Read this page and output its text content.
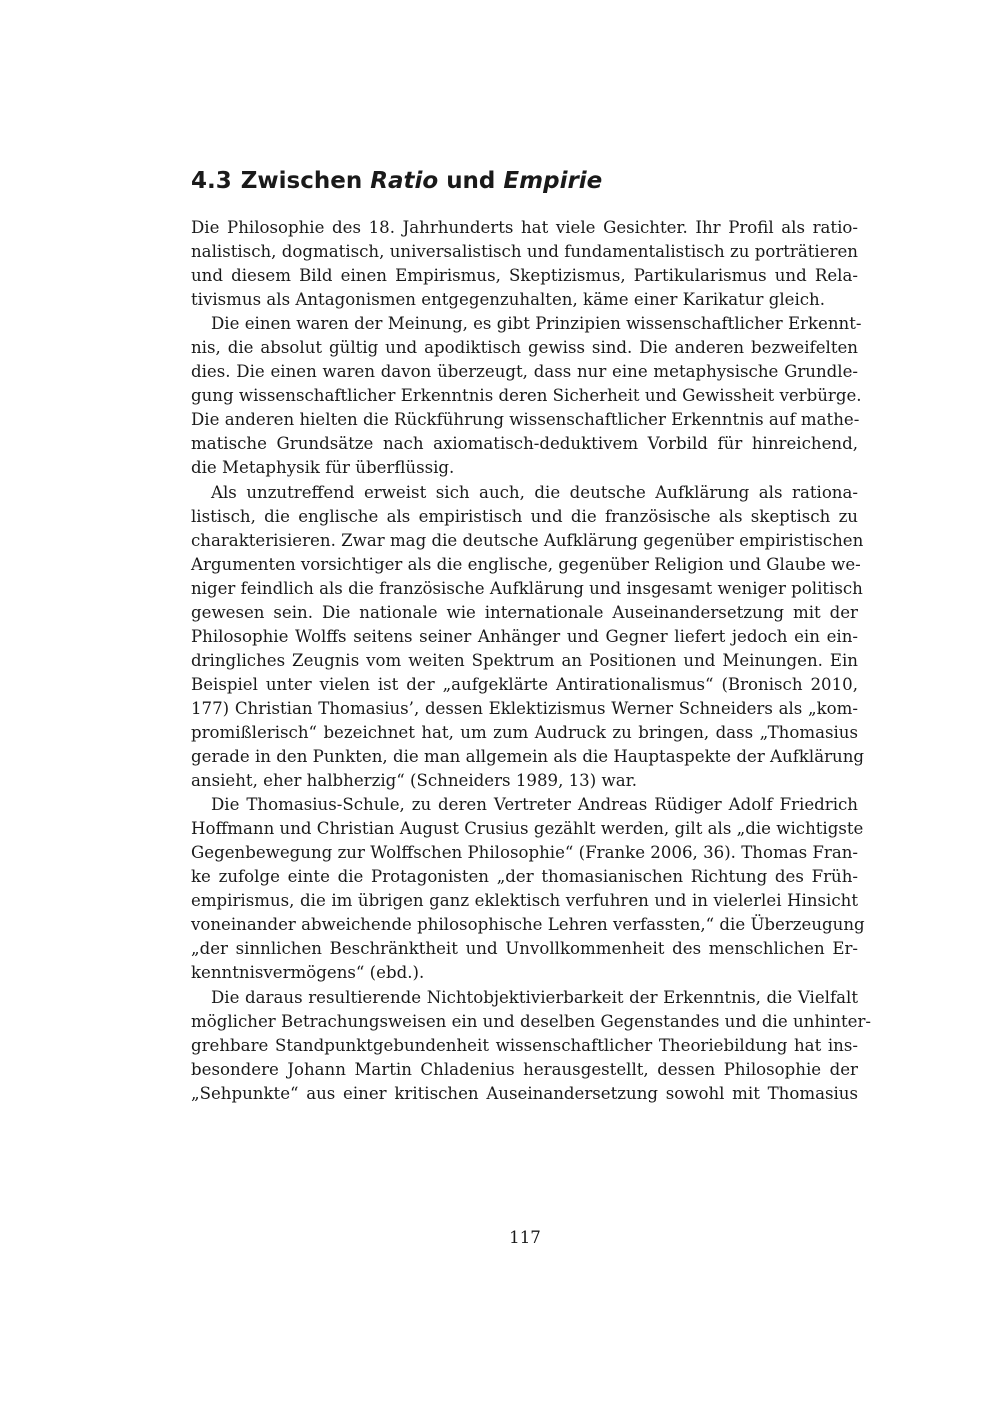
4.3 Zwischen Ratio und Empirie
Die Philosophie des 18. Jahrhunderts hat viele Gesichter. Ihr Profil als ratio-
nalistisch, dogmatisch, universalistisch und fundamentalistisch zu porträtieren
und diesem Bild einen Empirismus, Skeptizismus, Partikularismus und Rela-
tivismus als Antagonismen entgegenzuhalten, käme einer Karikatur gleich.
Die einen waren der Meinung, es gibt Prinzipien wissenschaftlicher Erkennt-
nis, die absolut gültig und apodiktisch gewiss sind. Die anderen bezweifelten
dies. Die einen waren davon überzeugt, dass nur eine metaphysische Grundle-
gung wissenschaftlicher Erkenntnis deren Sicherheit und Gewissheit verbürge.
Die anderen hielten die Rückführung wissenschaftlicher Erkenntnis auf mathe-
matische Grundsätze nach axiomatisch-deduktivem Vorbild für hinreichend,
die Metaphysik für überflüssig.
Als unzutreffend erweist sich auch, die deutsche Aufklärung als rationa-
listisch, die englische als empiristisch und die französische als skeptisch zu
charakterisieren. Zwar mag die deutsche Aufklärung gegenüber empiristischen
Argumenten vorsichtiger als die englische, gegenüber Religion und Glaube we-
niger feindlich als die französische Aufklärung und insgesamt weniger politisch
gewesen sein. Die nationale wie internationale Auseinandersetzung mit der
Philosophie Wolffs seitens seiner Anhänger und Gegner liefert jedoch ein ein-
dringliches Zeugnis vom weiten Spektrum an Positionen und Meinungen. Ein
Beispiel unter vielen ist der „aufgeklärte Antirationalismus“ (Bronisch 2010,
177) Christian Thomasius’, dessen Eklektizismus Werner Schneiders als „kom-
promißlerisch“ bezeichnet hat, um zum Audruck zu bringen, dass „Thomasius
gerade in den Punkten, die man allgemein als die Hauptaspekte der Aufklärung
ansieht, eher halbherzig“ (Schneiders 1989, 13) war.
Die Thomasius-Schule, zu deren Vertreter Andreas Rüdiger Adolf Friedrich
Hoffmann und Christian August Crusius gezählt werden, gilt als „die wichtigste
Gegenbewegung zur Wolffschen Philosophie“ (Franke 2006, 36). Thomas Fran-
ke zufolge einte die Protagonisten „der thomasianischen Richtung des Früh-
empirismus, die im übrigen ganz eklektisch verfuhren und in vielerlei Hinsicht
voneinander abweichende philosophische Lehren verfassten,“ die Überzeugung
„der sinnlichen Beschränktheit und Unvollkommenheit des menschlichen Er-
kenntnisvermögens“ (ebd.).
Die daraus resultierende Nichtobjektivierbarkeit der Erkenntnis, die Vielfalt
möglicher Betrachungsweisen ein und deselben Gegenstandes und die unhinter-
grehbare Standpunktgebundenheit wissenschaftlicher Theoriebildung hat ins-
besondere Johann Martin Chladenius herausgestellt, dessen Philosophie der
„Sehpunkte“ aus einer kritischen Auseinandersetzung sowohl mit Thomasius
117
